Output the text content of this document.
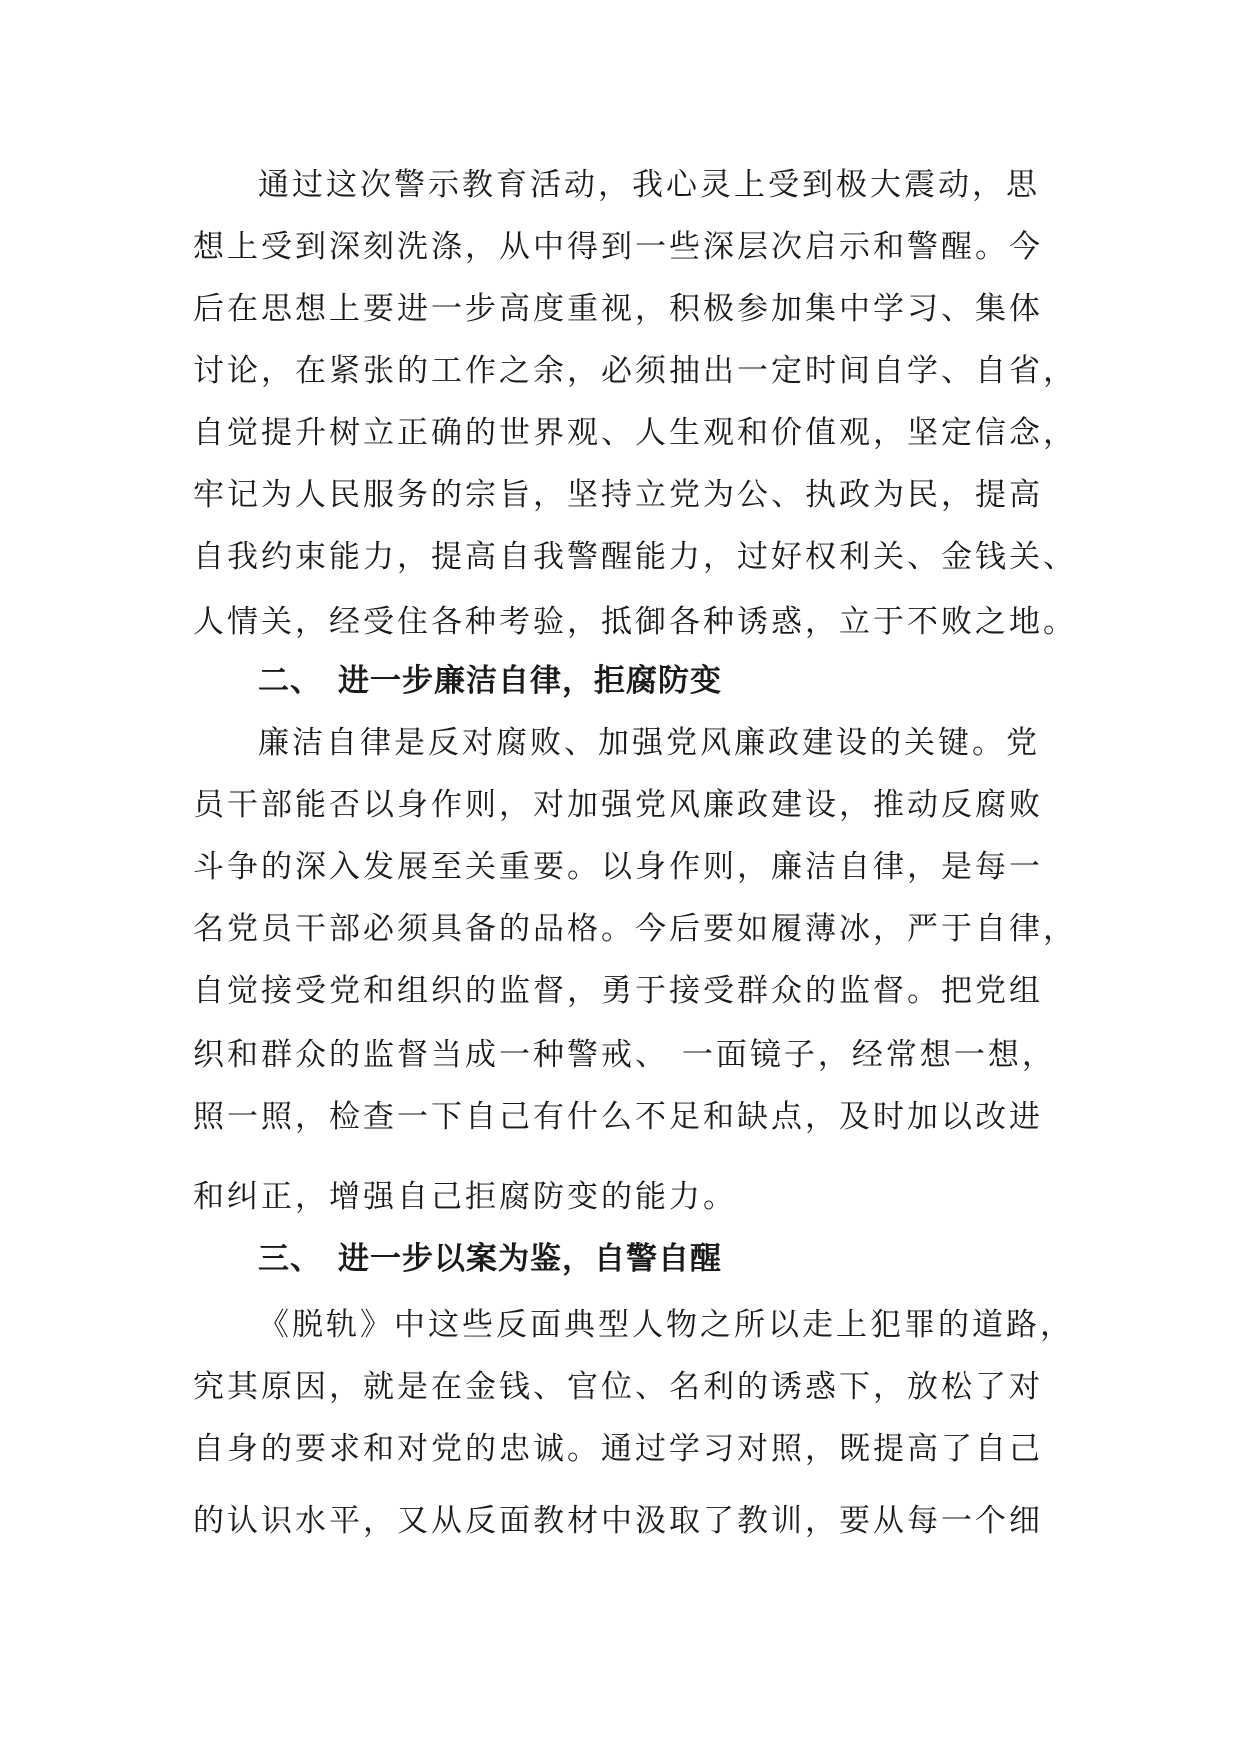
通过这次警示教育活动，我心灵上受到极大震动，思
想上受到深刻洗涤，从中得到一些深层次启示和警醒。今
后在思想上要进一步高度重视，积极参加集中学习、集体
讨论，在紧张的工作之余，必须抽出一定时间自学、自省，
自觉提升树立正确的世界观、人生观和价值观，坚定信念，
牢记为人民服务的宗旨，坚持立党为公、执政为民，提高
自我约束能力，提高自我警醒能力，过好权利关、金钱关、
人情关，经受住各种考验，抵御各种诱惑，立于不败之地。
二、 进一步廉洁自律，拒腐防变
廉洁自律是反对腐败、加强党风廉政建设的关键。党
员干部能否以身作则，对加强党风廉政建设，推动反腐败
斗争的深入发展至关重要。以身作则，廉洁自律，是每一
名党员干部必须具备的品格。今后要如履薄冰，严于自律，
自觉接受党和组织的监督，勇于接受群众的监督。把党组
织和群众的监督当成一种警戒、 一面镜子，经常想一想，
照一照，检查一下自己有什么不足和缺点，及时加以改进
和纠正，增强自己拒腐防变的能力。
三、 进一步以案为鉴，自警自醒
《脱轨》中这些反面典型人物之所以走上犯罪的道路，
究其原因，就是在金钱、官位、名利的诱惑下，放松了对
自身的要求和对党的忠诚。通过学习对照，既提高了自己
的认识水平，又从反面教材中汲取了教训，要从每一个细
